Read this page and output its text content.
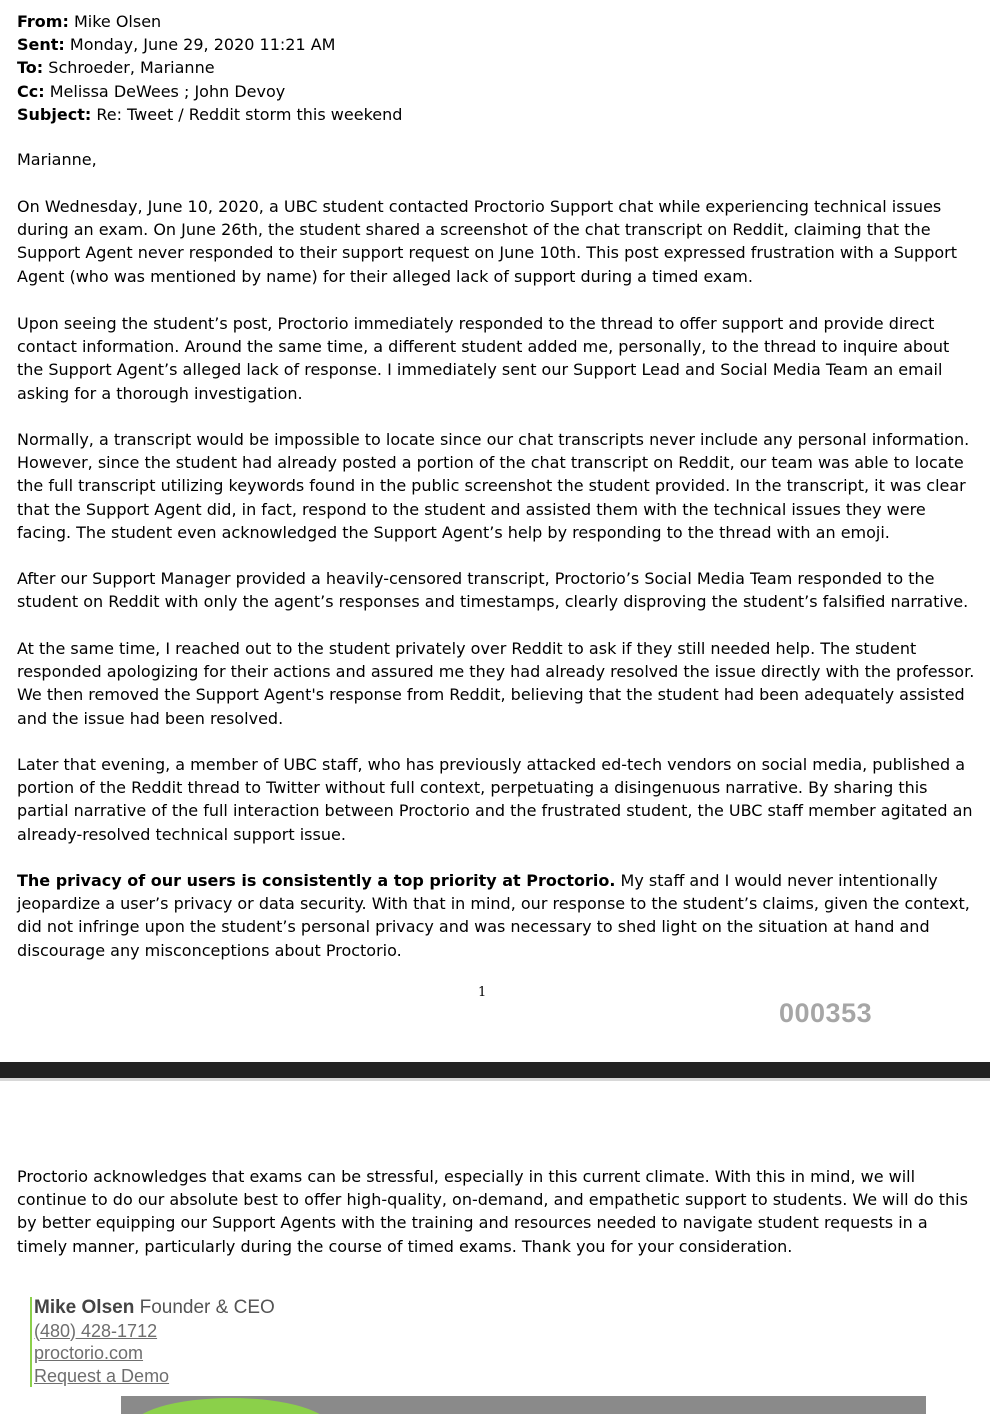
From: Mike Olsen
Sent: Monday, June 29, 2020 11:21 AM
To: Schroeder, Marianne
Cc: Melissa DeWees ; John Devoy
Subject: Re: Tweet / Reddit storm this weekend

Marianne,

On Wednesday, June 10, 2020, a UBC student contacted Proctorio Support chat while experiencing technical issues during an exam. On June 26th, the student shared a screenshot of the chat transcript on Reddit, claiming that the Support Agent never responded to their support request on June 10th. This post expressed frustration with a Support Agent (who was mentioned by name) for their alleged lack of support during a timed exam.

Upon seeing the student’s post, Proctorio immediately responded to the thread to offer support and provide direct contact information. Around the same time, a different student added me, personally, to the thread to inquire about the Support Agent’s alleged lack of response. I immediately sent our Support Lead and Social Media Team an email asking for a thorough investigation.

Normally, a transcript would be impossible to locate since our chat transcripts never include any personal information. However, since the student had already posted a portion of the chat transcript on Reddit, our team was able to locate the full transcript utilizing keywords found in the public screenshot the student provided. In the transcript, it was clear that the Support Agent did, in fact, respond to the student and assisted them with the technical issues they were facing. The student even acknowledged the Support Agent’s help by responding to the thread with an emoji.

After our Support Manager provided a heavily-censored transcript, Proctorio’s Social Media Team responded to the student on Reddit with only the agent’s responses and timestamps, clearly disproving the student’s falsified narrative.

At the same time, I reached out to the student privately over Reddit to ask if they still needed help. The student responded apologizing for their actions and assured me they had already resolved the issue directly with the professor. We then removed the Support Agent's response from Reddit, believing that the student had been adequately assisted and the issue had been resolved.

Later that evening, a member of UBC staff, who has previously attacked ed-tech vendors on social media, published a portion of the Reddit thread to Twitter without full context, perpetuating a disingenuous narrative. By sharing this partial narrative of the full interaction between Proctorio and the frustrated student, the UBC staff member agitated an already-resolved technical support issue.

The privacy of our users is consistently a top priority at Proctorio. My staff and I would never intentionally jeopardize a user’s privacy or data security. With that in mind, our response to the student’s claims, given the context, did not infringe upon the student’s personal privacy and was necessary to shed light on the situation at hand and discourage any misconceptions about Proctorio.

1
000353

Proctorio acknowledges that exams can be stressful, especially in this current climate. With this in mind, we will continue to do our absolute best to offer high-quality, on-demand, and empathetic support to students. We will do this by better equipping our Support Agents with the training and resources needed to navigate student requests in a timely manner, particularly during the course of timed exams. Thank you for your consideration.

Mike Olsen Founder & CEO
(480) 428-1712
proctorio.com
Request a Demo
